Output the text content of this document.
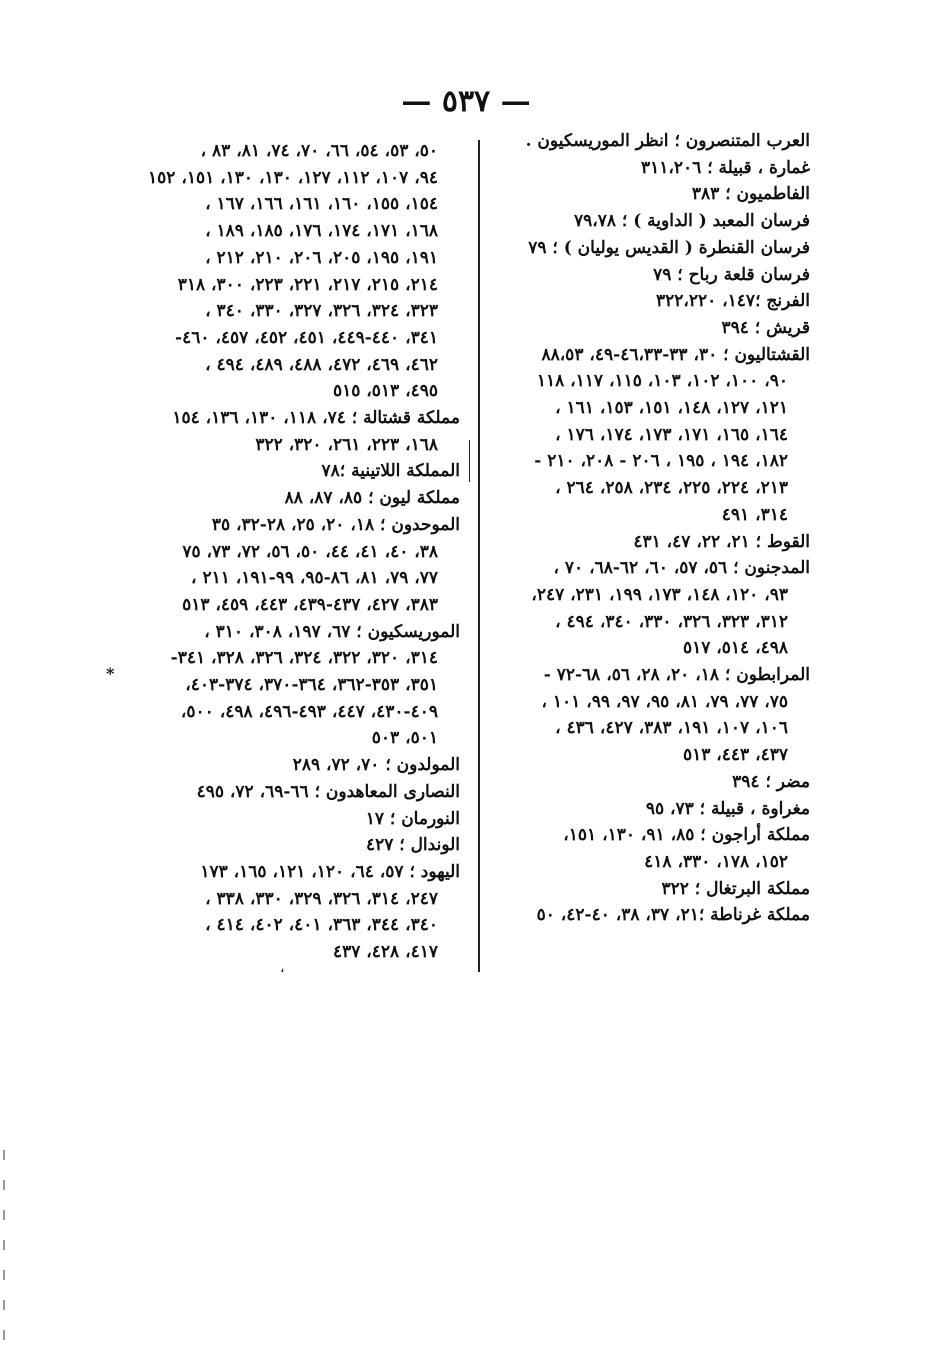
— ٥٣٧ —
العرب المتنصرون ؛ انظر الموريسكيون .
غمارة ، قبيلة ؛ ٣١١،٢٠٦
الفاطميون ؛ ٣٨٣
فرسان المعبد ( الداوية ) ؛ ٧٩،٧٨
فرسان القنطرة ( القديس يوليان ) ؛ ٧٩
فرسان قلعة رباح ؛ ٧٩
الفرنج ؛١٤٧، ٣٢٢،٢٢٠
قريش ؛ ٣٩٤
القشتاليون ؛ ٣٠، ٣٣-٤٦،٣٣-٤٩، ٨٨،٥٣
٩٠، ١٠٠، ١٠٢، ١٠٣، ١١٥، ١١٧، ١١٨
١٢١، ١٢٧، ١٤٨، ١٥١، ١٥٣، ١٦١ ،
١٦٤، ١٦٥، ١٧١، ١٧٣، ١٧٤، ١٧٦ ،
١٨٢، ١٩٤ ، ١٩٥ ، ٢٠٦ - ٢٠٨، ٢١٠ -
٢١٣، ٢٢٤، ٢٢٥، ٢٣٤، ٢٥٨، ٢٦٤ ،
٣١٤، ٤٩١
القوط ؛ ٢١، ٢٢، ٤٧، ٤٣١
المدجنون ؛ ٥٦، ٥٧، ٦٠، ٦٢-٦٨، ٧٠ ،
٩٣، ١٢٠، ١٤٨، ١٧٣، ١٩٩، ٢٣١، ٢٤٧،
٣١٢، ٣٢٣، ٣٢٦، ٣٣٠، ٣٤٠، ٤٩٤ ،
٤٩٨، ٥١٤، ٥١٧
المرابطون ؛ ١٨، ٢٠، ٢٨، ٥٦، ٦٨-٧٢ -
٧٥، ٧٧، ٧٩، ٨١، ٩٥، ٩٧، ٩٩، ١٠١ ،
١٠٦، ١٠٧، ١٩١، ٣٨٣، ٤٢٧، ٤٣٦ ،
٤٣٧، ٤٤٣، ٥١٣
مضر ؛ ٣٩٤
مغراوة ، قبيلة ؛ ٧٣، ٩٥
مملكة أراجون ؛ ٨٥، ٩١، ١٣٠، ١٥١،
١٥٢، ١٧٨، ٣٣٠، ٤١٨
مملكة البرتغال ؛ ٣٢٢
مملكة غرناطة ؛٢١، ٣٧، ٣٨، ٤٠-٤٢، ٥٠
٥٠، ٥٣، ٥٤، ٦٦، ٧٠، ٧٤، ٨١، ٨٣ ،
٩٤، ١٠٧، ١١٢، ١٢٧، ١٣٠، ١٣٠، ١٥١، ١٥٢
١٥٤، ١٥٥، ١٦٠، ١٦١، ١٦٦، ١٦٧ ،
١٦٨، ١٧١، ١٧٤، ١٧٦، ١٨٥، ١٨٩ ،
١٩١، ١٩٥، ٢٠٥، ٢٠٦، ٢١٠، ٢١٢ ،
٢١٤، ٢١٥، ٢١٧، ٢٢١، ٢٢٣، ٣٠٠، ٣١٨
٣٢٣، ٣٢٤، ٣٢٦، ٣٢٧، ٣٣٠، ٣٤٠ ،
٣٤١، ٤٤٠-٤٤٩، ٤٥١، ٤٥٢، ٤٥٧، ٤٦٠-
٤٦٢، ٤٦٩، ٤٧٢، ٤٨٨، ٤٨٩، ٤٩٤ ،
٤٩٥، ٥١٣، ٥١٥
مملكة قشتالة ؛ ٧٤، ١١٨، ١٣٠، ١٣٦، ١٥٤
١٦٨، ٢٢٣، ٢٦١، ٣٢٠، ٣٢٢
المملكة اللاتينية ؛٧٨
مملكة ليون ؛ ٨٥، ٨٧، ٨٨
الموحدون ؛ ١٨، ٢٠، ٢٥، ٢٨-٣٢، ٣٥
٣٨، ٤٠، ٤١، ٤٤، ٥٠، ٥٦، ٧٢، ٧٣، ٧٥
٧٧، ٧٩، ٨١، ٨٦-٩٥، ٩٩-١٩١، ٢١١ ،
٣٨٣، ٤٢٧، ٤٣٧-٤٣٩، ٤٤٣، ٤٥٩، ٥١٣
الموريسكيون ؛ ٦٧، ١٩٧، ٣٠٨، ٣١٠ ،
٣١٤، ٣٢٠، ٣٢٢، ٣٢٤، ٣٢٦، ٣٢٨، ٣٤١-
٣٥١، ٣٥٣-٣٦٢، ٣٦٤-٣٧٠، ٣٧٤-٤٠٣،
٤٠٩-٤٣٠، ٤٤٧، ٤٩٣-٤٩٦، ٤٩٨، ٥٠٠،
٥٠١، ٥٠٣
المولدون ؛ ٧٠، ٧٢، ٢٨٩
النصارى المعاهدون ؛ ٦٦-٦٩، ٧٢، ٤٩٥
النورمان ؛ ١٧
الوندال ؛ ٤٢٧
اليهود ؛ ٥٧، ٦٤، ١٢٠، ١٢١، ١٦٥، ١٧٣
٢٤٧، ٣١٤، ٣٢٦، ٣٢٩، ٣٣٠، ٣٣٨ ،
٣٤٠، ٣٤٤، ٣٦٣، ٤٠١، ٤٠٢، ٤١٤ ،
٤١٧، ٤٢٨، ٤٣٧
*
،
